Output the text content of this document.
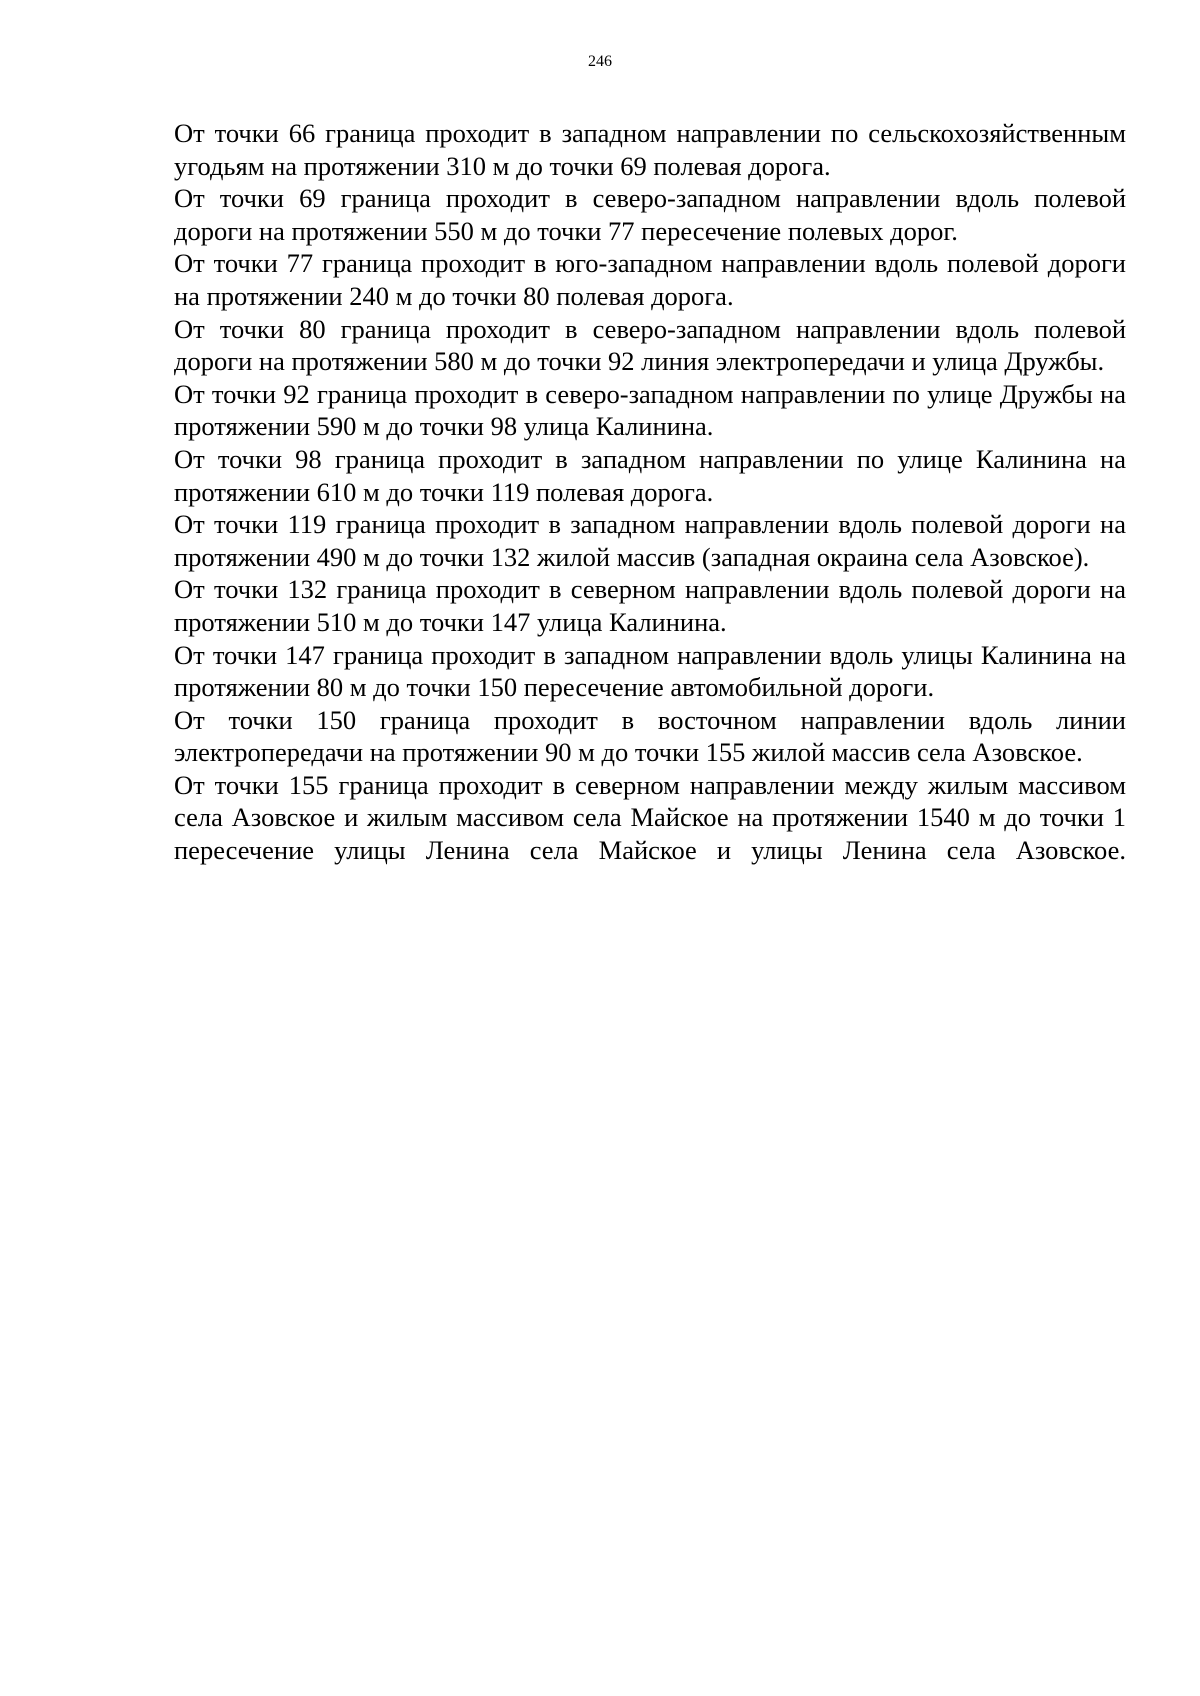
246

От точки 66 граница проходит в западном направлении по сельскохозяйственным угодьям на протяжении 310 м до точки 69 полевая дорога.

От точки 69 граница проходит в северо-западном направлении вдоль полевой дороги на протяжении 550 м до точки 77 пересечение полевых дорог.

От точки 77 граница проходит в юго-западном направлении вдоль полевой дороги на протяжении 240 м до точки 80 полевая дорога.

От точки 80 граница проходит в северо-западном направлении вдоль полевой дороги на протяжении 580 м до точки 92 линия электропередачи и улица Дружбы.

От точки 92 граница проходит в северо-западном направлении по улице Дружбы на протяжении 590 м до точки 98 улица Калинина.

От точки 98 граница проходит в западном направлении по улице Калинина на протяжении 610 м до точки 119 полевая дорога.

От точки 119 граница проходит в западном направлении вдоль полевой дороги на протяжении 490 м до точки 132 жилой массив (западная окраина села Азовское).

От точки 132 граница проходит в северном направлении вдоль полевой дороги на протяжении 510 м до точки 147 улица Калинина.

От точки 147 граница проходит в западном направлении вдоль улицы Калинина на протяжении 80 м до точки 150 пересечение автомобильной дороги.

От точки 150 граница проходит в восточном направлении вдоль линии электропередачи на протяжении 90 м до точки 155 жилой массив села Азовское.

От точки 155 граница проходит в северном направлении между жилым массивом села Азовское и жилым массивом села Майское на протяжении 1540 м до точки 1 пересечение улицы Ленина села Майское и улицы Ленина села Азовское.
